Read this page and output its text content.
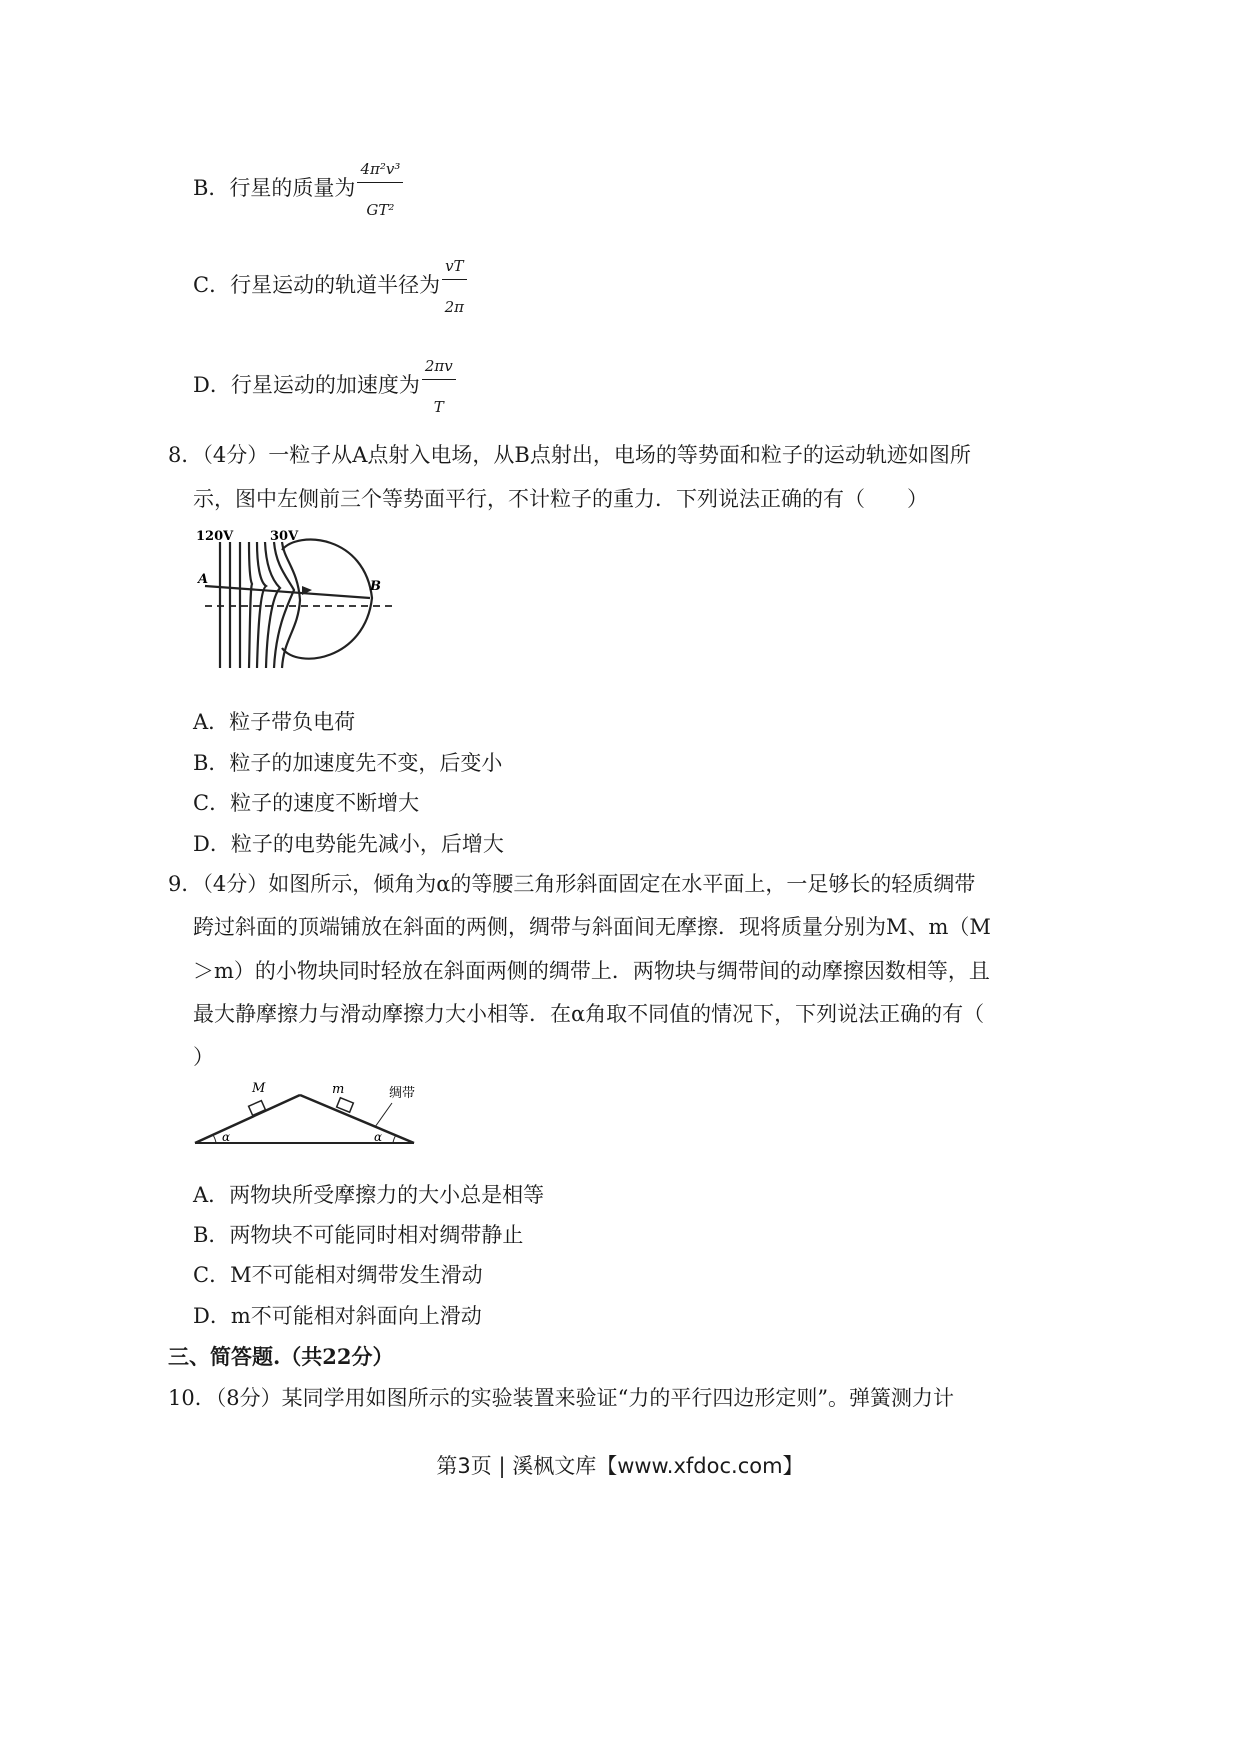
B．行星的质量为 $\frac{\text{4π²v³}}{\text{GT²}}$
C．行星运动的轨道半径为 $\frac{vT}{2\pi}$
D．行星运动的加速度为 $\frac{2\pi v}{T}$
8．（4分）一粒子从A点射入电场，从B点射出，电场的等势面和粒子的运动轨迹如图所
示，图中左侧前三个等势面平行，不计粒子的重力．下列说法正确的有（　　）
120V	30V
A	B
A．粒子带负电荷
B．粒子的加速度先不变，后变小
C．粒子的速度不断增大
D．粒子的电势能先减小，后增大
9．（4分）如图所示，倾角为α的等腰三角形斜面固定在水平面上，一足够长的轻质绸带
跨过斜面的顶端铺放在斜面的两侧，绸带与斜面间无摩擦．现将质量分别为M、m（M
＞m）的小物块同时轻放在斜面两侧的绸带上．两物块与绸带间的动摩擦因数相等，且
最大静摩擦力与滑动摩擦力大小相等．在α角取不同值的情况下，下列说法正确的有（
）
M	m	绸带
α	α
A．两物块所受摩擦力的大小总是相等
B．两物块不可能同时相对绸带静止
C．M不可能相对绸带发生滑动
D．m不可能相对斜面向上滑动
三、简答题.（共22分）
10．（8分）某同学用如图所示的实验装置来验证“力的平行四边形定则”。弹簧测力计
第3页 | 溪枫文库【www.xfdoc.com】
